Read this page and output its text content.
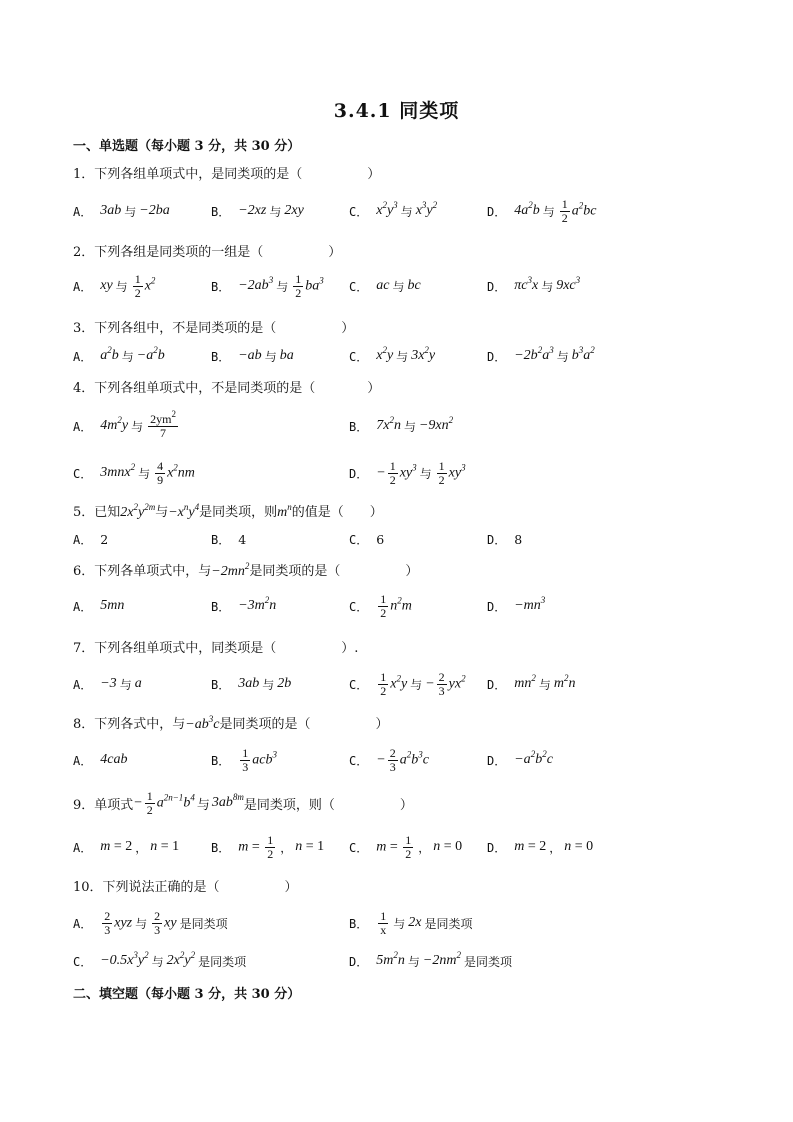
3.4.1 同类项
一、单选题（每小题 3 分，共 30 分）
1．下列各组单项式中，是同类项的是（　　　　　）
A． 3ab 与 −2ba	B． −2xz 与 2xy	C． $x^2y^3$ 与 $x^3y^2$	D． $4a^2b$ 与 $\frac{1}{2} a^2bc$
2．下列各组是同类项的一组是（　　　　　）
A． xy 与 $\frac{1}{2} x^2$	B． $-2ab^3$ 与 $\frac{1}{2} ba^3$ C． ac 与 bc	D． $\pi c^3x$ 与 $9xc^3$
3．下列各组中，不是同类项的是（　　　　　）
A． $a^2b$ 与 $-a^2b$	B． −ab 与 ba	C． $x^2y$ 与 $3x^2y$	D． $-2b^2a^3$ 与 $b^3a^2$
4．下列各组单项式中，不是同类项的是（　　　　）
A． $4m^2y$ 与 $\frac{2ym^2}{7}$	B． $7x^2n$ 与 $-9xn^2$
C． 3mnx$^2$ 与 $\frac{4}{9} x^2nm$	D． − $\frac{1}{2} xy^3$ 与 $\frac{1}{2} xy^3$
5．已知$2x^2y^{2m}$与$-x^ny^4$是同类项，则$m^n$的值是（　　）
A． 2	B． 4	C． 6	D． 8
6．下列各单项式中，与$-2mn^2$是同类项的是（　　　　　）
A． 5mn	B． $-3m^2n$	C． $\frac{1}{2} n^2m$	D． $-mn^3$
7．下列各组单项式中，同类项是（　　　　　）.
A． −3 与 a	B． 3ab 与 2b	C． $\frac{1}{2} x^2y$ 与 − $\frac{2}{3} yx^2$ D． $mn^2$ 与 $m^2n$
8．下列各式中，与$-ab^3c$是同类项的是（　　　　　）
A． 4cab	B． $\frac{1}{3} acb^3$	C． − $\frac{2}{3} a^2b^3c$	D． $-a^2b^2c$
9．单项式 − $\frac{1}{2} a^{2n-1}b^4$
与 $3ab^{8m}$
是同类项，则（　　　　　）
A． m = 2 ， n = 1	B． $m = \frac{1}{2}$ ， n = 1 C． $m = \frac{1}{2}$ ， n = 0 D． m = 2 ， n = 0
10．下列说法正确的是（　　　　　）
A． $\frac{2}{3}$ xyz 与 $\frac{2}{3}$ xy 是同类项	B． $\frac{1}{x}$ 与 2x 是同类项
C． $-0.5x^3y^2$ 与 $2x^2y^2$ 是同类项	D． $5m^2n$ 与 $-2nm^2$ 是同类项
二、填空题（每小题 3 分，共 30 分）
